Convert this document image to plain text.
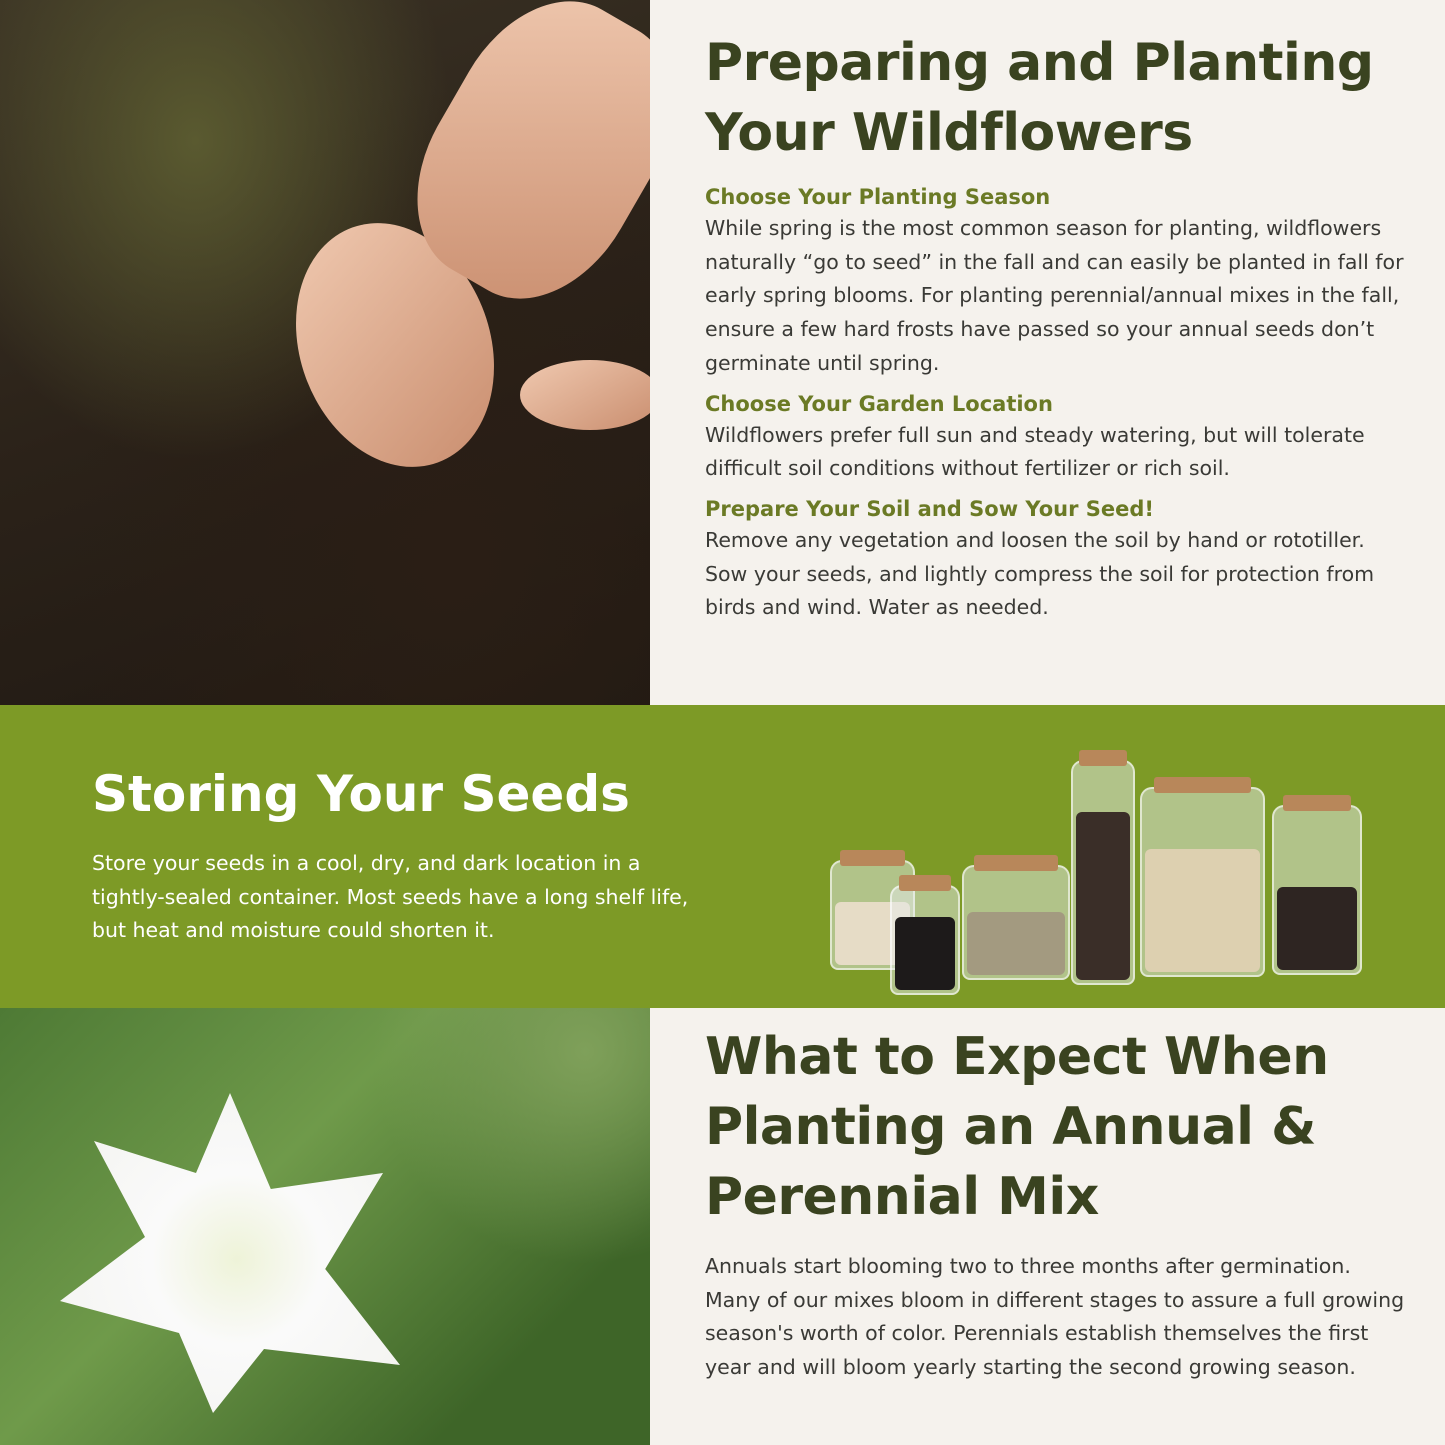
Preparing and Planting Your Wildflowers
Choose Your Planting Season

While spring is the most common season for planting, wildflowers naturally “go to seed” in the fall and can easily be planted in fall for early spring blooms. For planting perennial/annual mixes in the fall, ensure a few hard frosts have passed so your annual seeds don’t germinate until spring.

Choose Your Garden Location

Wildflowers prefer full sun and steady watering, but will tolerate difficult soil conditions without fertilizer or rich soil.

Prepare Your Soil and Sow Your Seed!

Remove any vegetation and loosen the soil by hand or rototiller. Sow your seeds, and lightly compress the soil for protection from birds and wind. Water as needed.

Storing Your Seeds

Store your seeds in a cool, dry, and dark location in a tightly-sealed container. Most seeds have a long shelf life, but heat and moisture could shorten it.

What to Expect When Planting an Annual & Perennial Mix

Annuals start blooming two to three months after germination. Many of our mixes bloom in different stages to assure a full growing season's worth of color. Perennials establish themselves the first year and will bloom yearly starting the second growing season.
